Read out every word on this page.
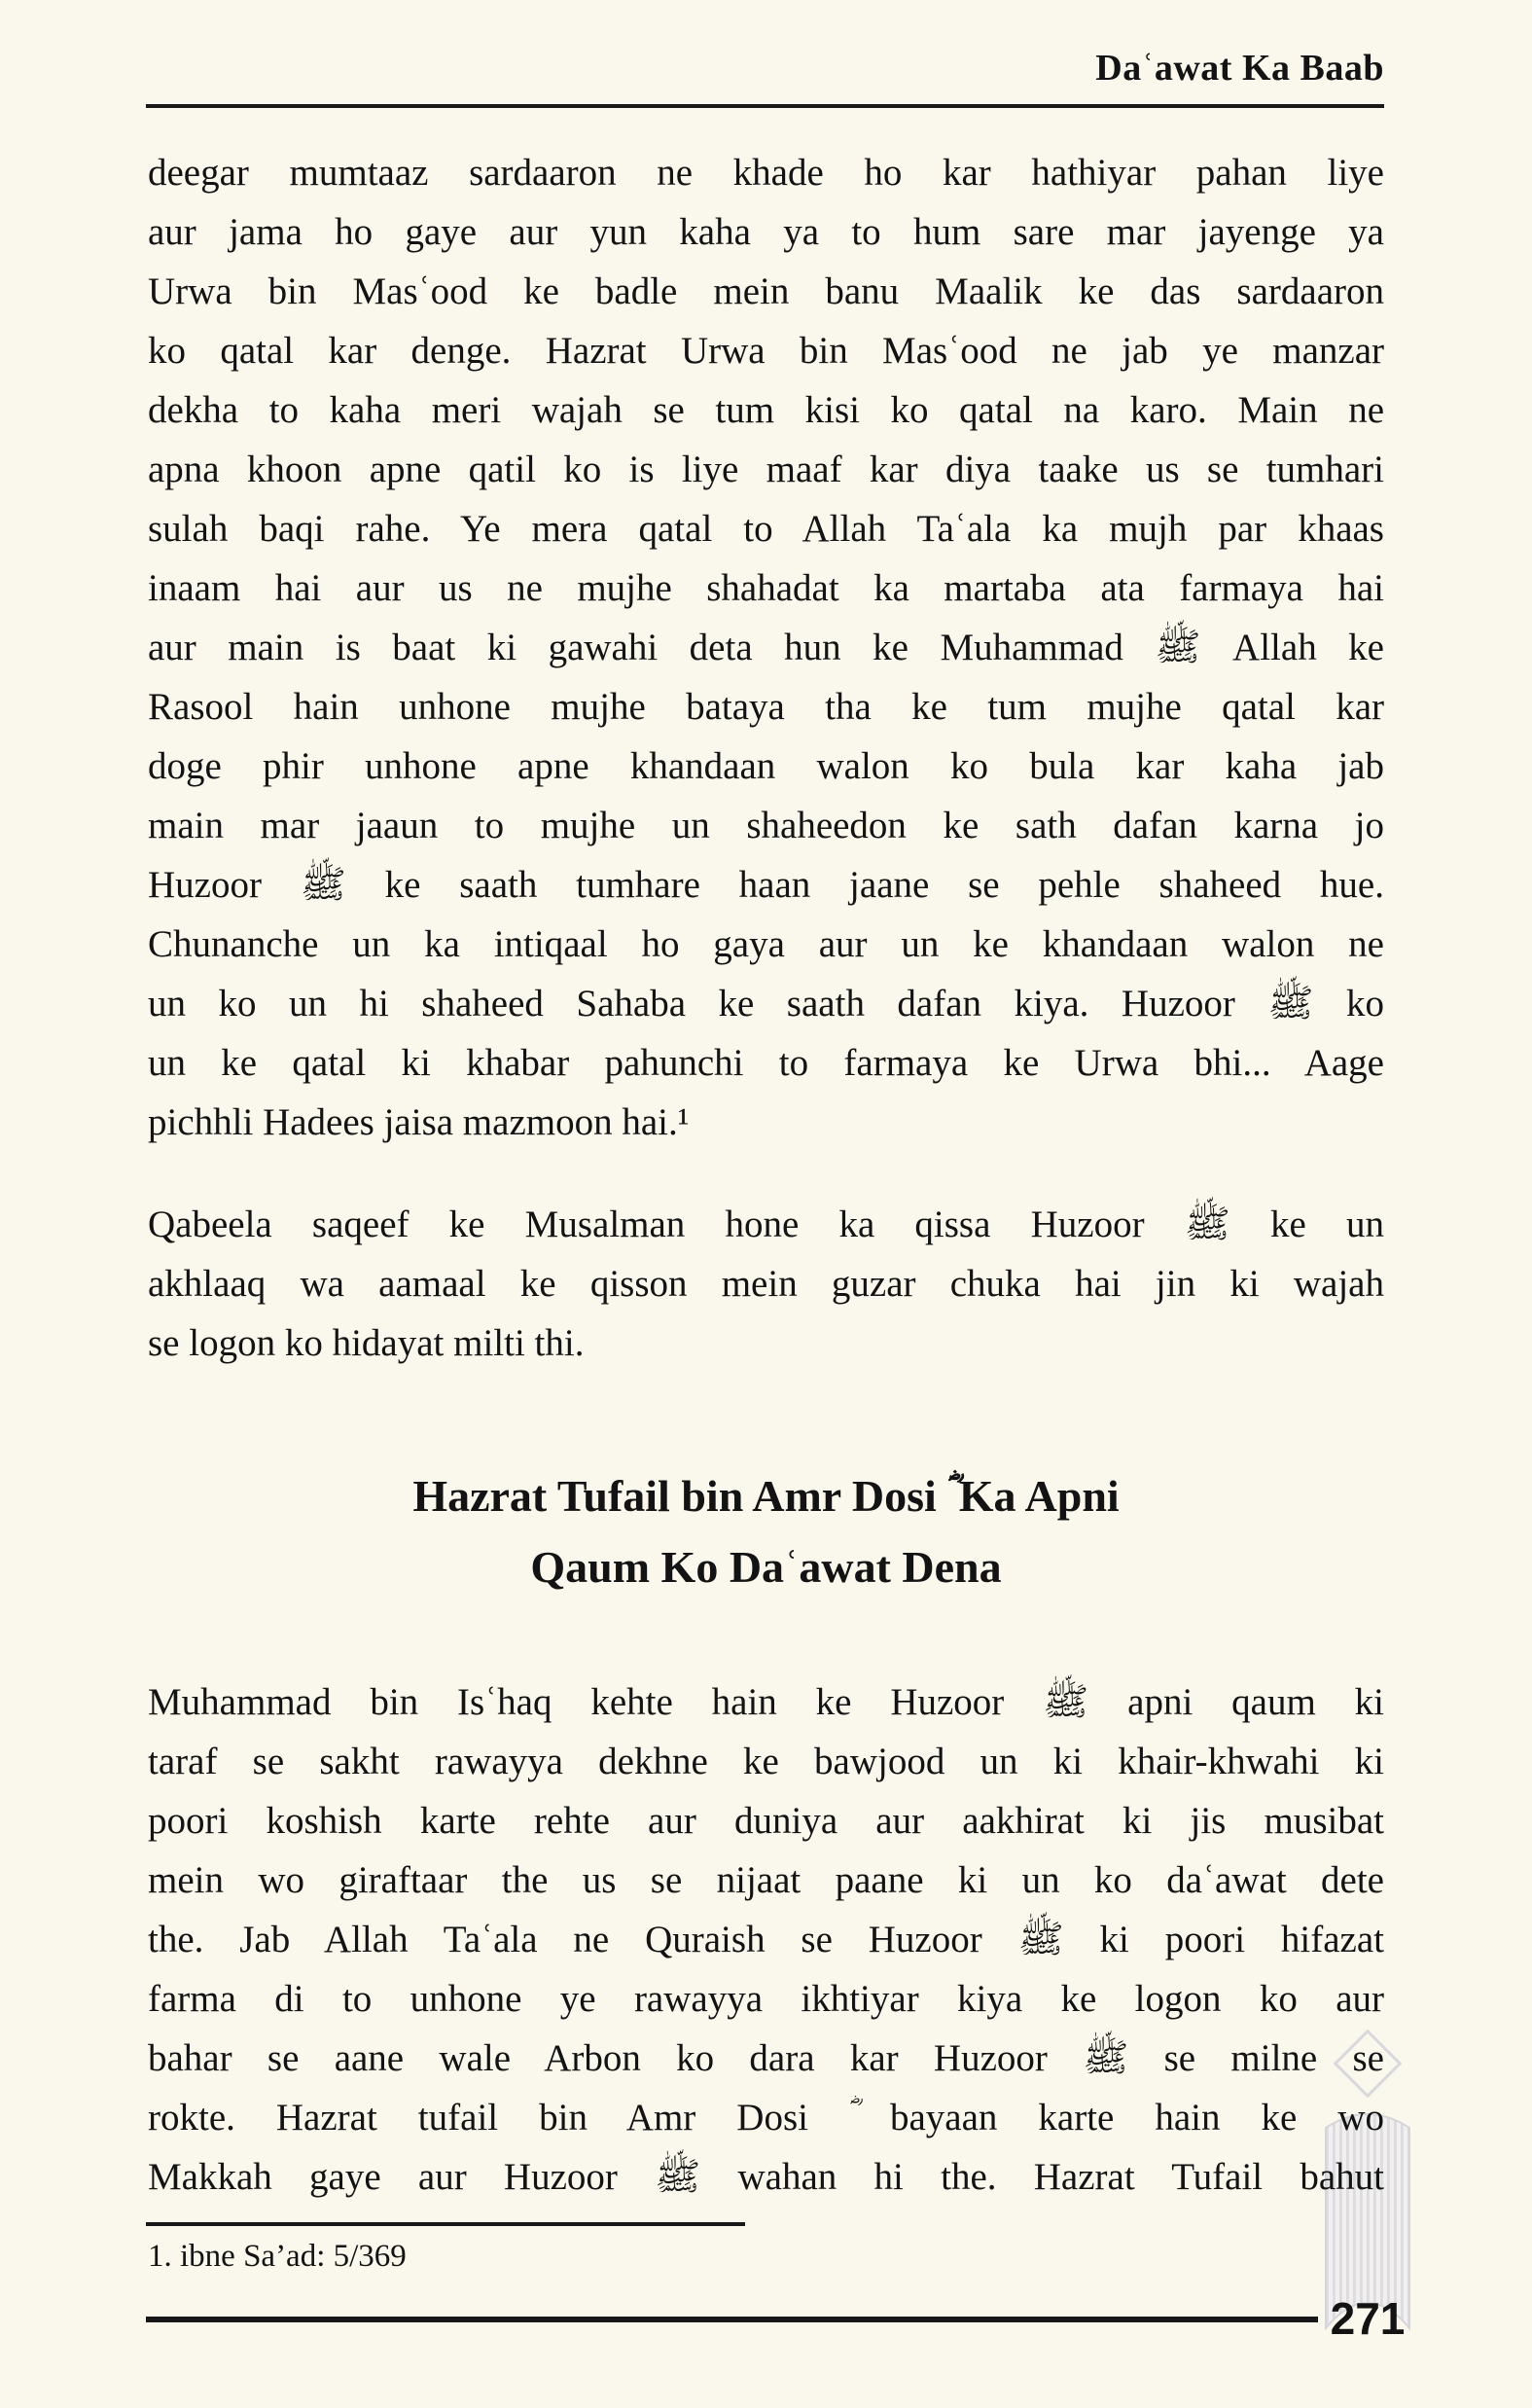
Daʿawat Ka Baab
deegar mumtaaz sardaaron ne khade ho kar hathiyar pahan liye
aur jama ho gaye aur yun kaha ya to hum sare mar jayenge ya
Urwa bin Masʿood ke badle mein banu Maalik ke das sardaaron
ko qatal kar denge. Hazrat Urwa bin Masʿood ne jab ye manzar
dekha to kaha meri wajah se tum kisi ko qatal na karo. Main ne
apna khoon apne qatil ko is liye maaf kar diya taake us se tumhari
sulah baqi rahe. Ye mera qatal to Allah Taʿala ka mujh par khaas
inaam hai aur us ne mujhe shahadat ka martaba ata farmaya hai
aur main is baat ki gawahi deta hun ke Muhammad ﷺ Allah ke
Rasool hain unhone mujhe bataya tha ke tum mujhe qatal kar
doge phir unhone apne khandaan walon ko bula kar kaha jab
main mar jaaun to mujhe un shaheedon ke sath dafan karna jo
Huzoor ﷺ ke saath tumhare haan jaane se pehle shaheed hue.
Chunanche un ka intiqaal ho gaya aur un ke khandaan walon ne
un ko un hi shaheed Sahaba ke saath dafan kiya. Huzoor ﷺ ko
un ke qatal ki khabar pahunchi to farmaya ke Urwa bhi... Aage
pichhli Hadees jaisa mazmoon hai.¹
Qabeela saqeef ke Musalman hone ka qissa Huzoor ﷺ ke un
akhlaaq wa aamaal ke qisson mein guzar chuka hai jin ki wajah
se logon ko hidayat milti thi.
Hazrat Tufail bin Amr Dosi ؓ Ka Apni
Qaum Ko Daʿawat Dena
Muhammad bin Isʿhaq kehte hain ke Huzoor ﷺ apni qaum ki
taraf se sakht rawayya dekhne ke bawjood un ki khair-khwahi ki
poori koshish karte rehte aur duniya aur aakhirat ki jis musibat
mein wo giraftaar the us se nijaat paane ki un ko daʿawat dete
the. Jab Allah Taʿala ne Quraish se Huzoor ﷺ ki poori hifazat
farma di to unhone ye rawayya ikhtiyar kiya ke logon ko aur
bahar se aane wale Arbon ko dara kar Huzoor ﷺ se milne se
rokte. Hazrat tufail bin Amr Dosi ؓ bayaan karte hain ke wo
Makkah gaye aur Huzoor ﷺ wahan hi the. Hazrat Tufail bahut
1. ibne Sa’ad: 5/369
271
